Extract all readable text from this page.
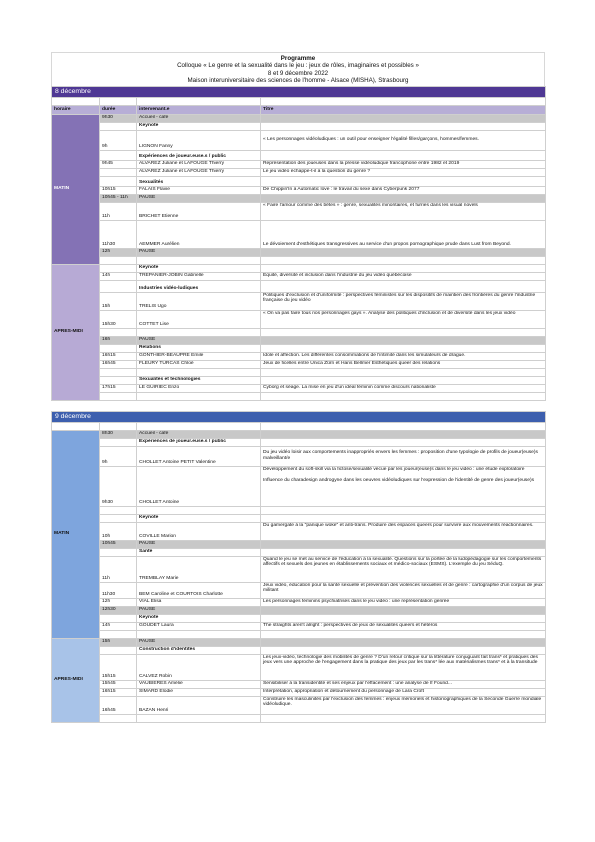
Programme
Colloque « Le genre et la sexualité dans le jeu : jeux de rôles, imaginaires et possibles »
8 et 9 décembre 2022
Maison interuniversitaire des sciences de l'homme - Alsace (MISHA), Strasbourg
8 décembre			

horaire	durée	intervenant.e	Titre
MATIN	9h30	Accueil - café	
		Keynote	
	9h	LIGNON Fanny	« Les personnages vidéoludiques : un outil pour enseigner l'égalité filles/garçons, hommes/femmes.
		Expériences de joueur.euse.s / public	
	9h45	ALVAREZ Juliane et LAFOUGE Thierry	Représentation des joueuses dans la presse vidéoludique francophone entre 1982 et 2019
		ALVAREZ Juliane et LAFOUGE Thierry	Le jeu vidéo échappe-t-il à la question du genre ?
		Sexualités	
	10h15	FALAIS Flavie	De Chippin'In à Automatic love : le travail du sexe dans Cyberpunk 2077
	10h45 - 11h	PAUSE	
	11h	BRICHET Etienne	« Faire l'amour comme des bêtes » : genre, sexualités minoritaires, et furries dans les visual novels
	11h30	AEMMER Aurélien	Le dévoiement d'esthétiques transgressives au service d'un propos pornographique prude dans Lust from Beyond.
	12h	PAUSE	

APRES-MIDI		Keynote	
	14h	TREPANIER-JOBIN Gabrielle	Équité, diversité et inclusion dans l'industrie du jeu vidéo québécoise
		Industries vidéo-ludiques	
	15h	TRELIS Ugo	Politiques d'exclusion et d'uniformité : perspectives féministes sur les dispositifs de maintien des frontières du genre l'industrie française du jeu vidéo
	15h30	COTTET Lise	« On va pas faire tous nos personnages gays ». Analyse des politiques d'inclusion et de diversité dans les jeux vidéo

	16h	PAUSE	
		Relations	
	16h15	GONTHIER-BEAUPRE Émile	Idole et affection. Les différentes consommations de l'intimité dans les simulateurs de drague.
	16h45	FLEURY TURCAS Chloé	Jeux de ficelles entre Unica Zürn et Hans Bellmer Esthétiques queer des relations

		Sexualités et technologies	
	17h15	LE GUIRIEC Enzo	Cyborg et séage. La mise en jeu d'un idéal féminin comme discours nationaliste

9 décembre			

MATIN	8h30	Accueil - café	
		Expériences de joueur.euse.s / public	
	9h	CHOLLET Antoine PETIT Valentine	Du jeu vidéo loisir aux comportements inappropriés envers les femmes : proposition d'une typologie de profils de joueur(euse)s malveillant/e
	9h30	CHOLLET Antoine	Développement du soft-skill via la fictose/sexualité vécue par les joueur(euse)s dans le jeu vidéo : une étude exploratoire
Influence du charadesign androgyne dans les oeuvres vidéoludiques sur l'expression de l'identité de genre des joueur(euse)s

		Keynote	
	10h	COVILLE Marion	Du gamergate à la "panique woke" et anti-trans. Produire des espaces queers pour survivre aux mouvements réactionnaires.
	10h45	PAUSE	
		Santé	
	11h	TREMBLAY Marie	Quand le jeu se met au service de l'éducation à la sexualité. Questions sur la portée de la ludopédagogie sur les comportements affectifs et sexuels des jeunes en établissements sociaux et médico-sociaux (ESMS). L'exemple du jeu SéduQ.
	11h30	BEM Caroline et COURTOIS Charlotte	Jeux vidéo, éducation pour la santé sexuelle et prévention des violences sexuelles et de genre : cartographie d'un corpus de jeux militant
	12h	VIAL Elisa	Les personnages féminins psychiatrisés dans le jeu vidéo : une représentation genrée
	12h30	PAUSE	
		Keynote	
	14h	GOUDET Laura	The straights aren't alright : perspectives de jeux de sexualités queers et hétéros

APRES-MIDI	15h	PAUSE	
		Construction d'identités	
	15h15	CALVEZ Robin	Les jeux-vidéo, technologie des mobilités de genre ? D'un retour critique sur la littérature conjuguant fait trans* et pratiques des jeux vers une approche de l'engagement dans la pratique des jeux par les trans* lée aux matérialismes trans* et à la transitude
	15h45	VAUBIERES Amélie	Sensibiliser à la transidentité et ses enjeux par l'effacement : une analyse de If Found...
	16h15	SIMARD Élodie	Interprétation, appropriation et détournement du personnage de Lara Croft
	16h45	BAZAN Henri	Construire les masculinités par l'exclusion des femmes : enjeux mémoriels et historiographiques de la Seconde Guerre mondiale vidéoludique.
